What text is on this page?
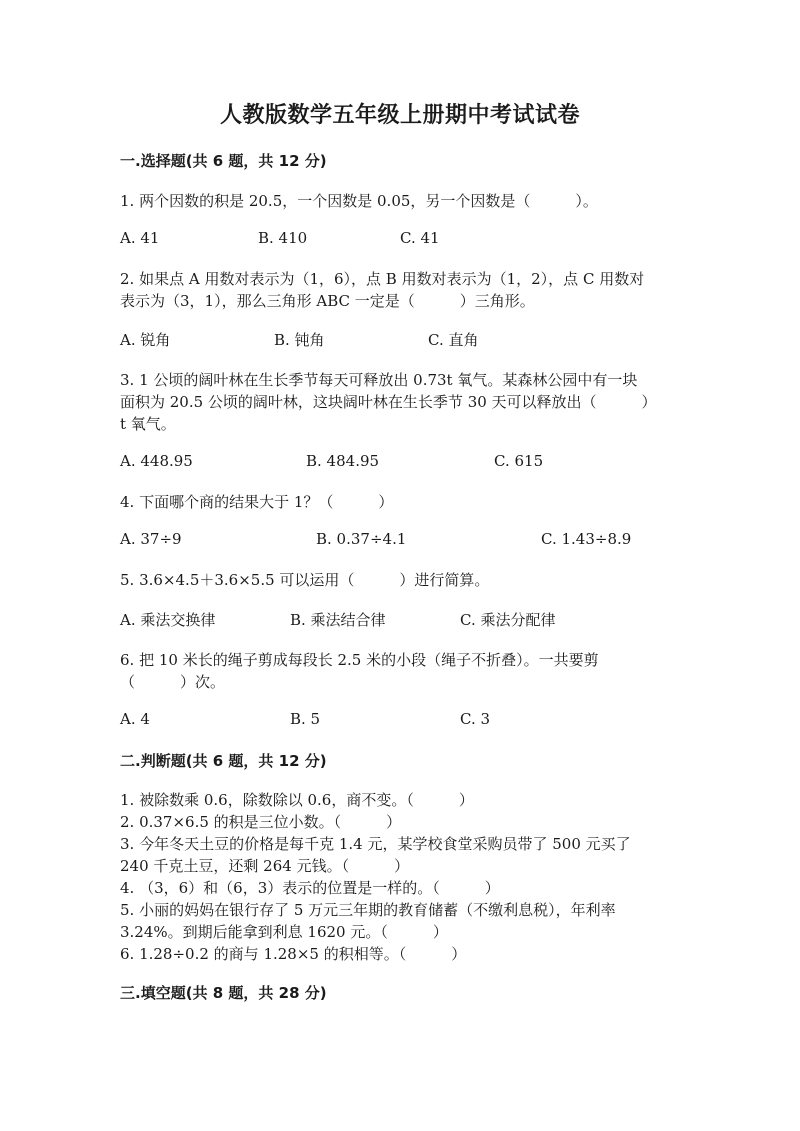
人教版数学五年级上册期中考试试卷
一.选择题(共 6 题，共 12 分)
1. 两个因数的积是 20.5，一个因数是 0.05，另一个因数是（　　　）。
A. 41	B. 410	C. 41
2. 如果点 A 用数对表示为（1，6），点 B 用数对表示为（1，2），点 C 用数对
表示为（3，1），那么三角形 ABC 一定是（　　　）三角形。
A. 锐角	B. 钝角	C. 直角
3. 1 公顷的阔叶林在生长季节每天可释放出 0.73t 氧气。某森林公园中有一块
面积为 20.5 公顷的阔叶林，这块阔叶林在生长季节 30 天可以释放出（　　　）
t 氧气。
A. 448.95	B. 484.95	C. 615
4. 下面哪个商的结果大于 1？（　　　）
A. 37÷9	B. 0.37÷4.1	C. 1.43÷8.9
5. 3.6×4.5＋3.6×5.5 可以运用（　　　）进行简算。
A. 乘法交换律	B. 乘法结合律	C. 乘法分配律
6. 把 10 米长的绳子剪成每段长 2.5 米的小段（绳子不折叠）。一共要剪
（　　　）次。
A. 4	B. 5	C. 3
二.判断题(共 6 题，共 12 分)
1. 被除数乘 0.6，除数除以 0.6，商不变。（　　　）
2. 0.37×6.5 的积是三位小数。（　　　）
3. 今年冬天土豆的价格是每千克 1.4 元，某学校食堂采购员带了 500 元买了
240 千克土豆，还剩 264 元钱。（　　　）
4. （3，6）和（6，3）表示的位置是一样的。（　　　）
5. 小丽的妈妈在银行存了 5 万元三年期的教育储蓄（不缴利息税），年利率
3.24%。到期后能拿到利息 1620 元。（　　　）
6. 1.28÷0.2 的商与 1.28×5 的积相等。（　　　）
三.填空题(共 8 题，共 28 分)
